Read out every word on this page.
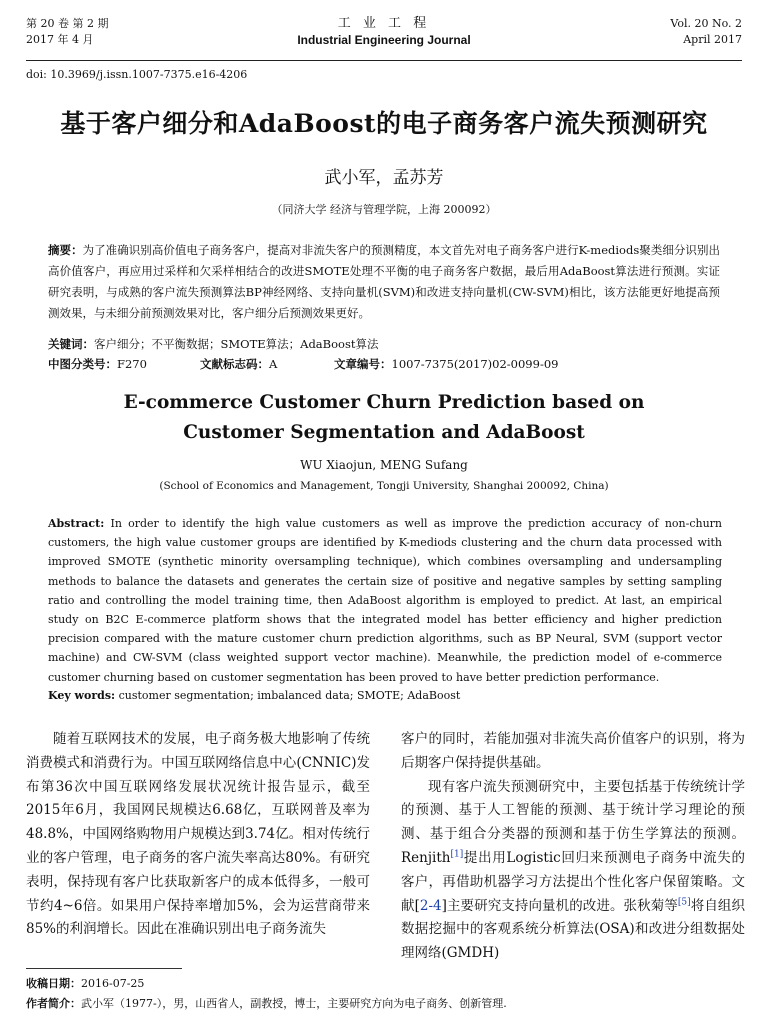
第 20 卷 第 2 期
2017 年 4 月
工 业 工 程
Industrial Engineering Journal
Vol. 20 No. 2
April 2017
doi: 10.3969/j.issn.1007-7375.e16-4206
基于客户细分和AdaBoost的电子商务客户流失预测研究
武小军，孟苏芳
（同济大学 经济与管理学院，上海 200092）
摘要：为了准确识别高价值电子商务客户，提高对非流失客户的预测精度，本文首先对电子商务客户进行K-mediods聚类细分识别出高价值客户，再应用过采样和欠采样相结合的改进SMOTE处理不平衡的电子商务客户数据，最后用AdaBoost算法进行预测。实证研究表明，与成熟的客户流失预测算法BP神经网络、支持向量机(SVM)和改进支持向量机(CW-SVM)相比，该方法能更好地提高预测效果，与未细分前预测效果对比，客户细分后预测效果更好。
关键词：客户细分；不平衡数据；SMOTE算法；AdaBoost算法
中图分类号：F270	文献标志码：A	文章编号：1007-7375(2017)02-0099-09
E-commerce Customer Churn Prediction based on
Customer Segmentation and AdaBoost
WU Xiaojun, MENG Sufang
(School of Economics and Management, Tongji University, Shanghai 200092, China)
Abstract: In order to identify the high value customers as well as improve the prediction accuracy of non-churn customers, the high value customer groups are identified by K-mediods clustering and the churn data processed with improved SMOTE (synthetic minority oversampling technique), which combines oversampling and undersampling methods to balance the datasets and generates the certain size of positive and negative samples by setting sampling ratio and controlling the model training time, then AdaBoost algorithm is employed to predict. At last, an empirical study on B2C E-commerce platform shows that the integrated model has better efficiency and higher prediction precision compared with the mature customer churn prediction algorithms, such as BP Neural, SVM (support vector machine) and CW-SVM (class weighted support vector machine). Meanwhile, the prediction model of e-commerce customer churning based on customer segmentation has been proved to have better prediction performance.
Key words: customer segmentation; imbalanced data; SMOTE; AdaBoost

随着互联网技术的发展，电子商务极大地影响了传统消费模式和消费行为。中国互联网络信息中心(CNNIC)发布第36次中国互联网络发展状况统计报告显示，截至2015年6月，我国网民规模达6.68亿，互联网普及率为48.8%，中国网络购物用户规模达到3.74亿。相对传统行业的客户管理，电子商务的客户流失率高达80%。有研究表明，保持现有客户比获取新客户的成本低得多，一般可节约4~6倍。如果用户保持率增加5%，会为运营商带来85%的利润增长。因此在准确识别出电子商务流失

客户的同时，若能加强对非流失高价值客户的识别，将为后期客户保持提供基础。

现有客户流失预测研究中，主要包括基于传统统计学的预测、基于人工智能的预测、基于统计学习理论的预测、基于组合分类器的预测和基于仿生学算法的预测。Renjith[1]提出用Logistic回归来预测电子商务中流失的客户，再借助机器学习方法提出个性化客户保留策略。文献[2-4]主要研究支持向量机的改进。张秋菊等[5]将自组织数据挖掘中的客观系统分析算法(OSA)和改进分组数据处理网络(GMDH)

收稿日期：2016-07-25
作者简介：武小军（1977-），男，山西省人，副教授，博士，主要研究方向为电子商务、创新管理.
